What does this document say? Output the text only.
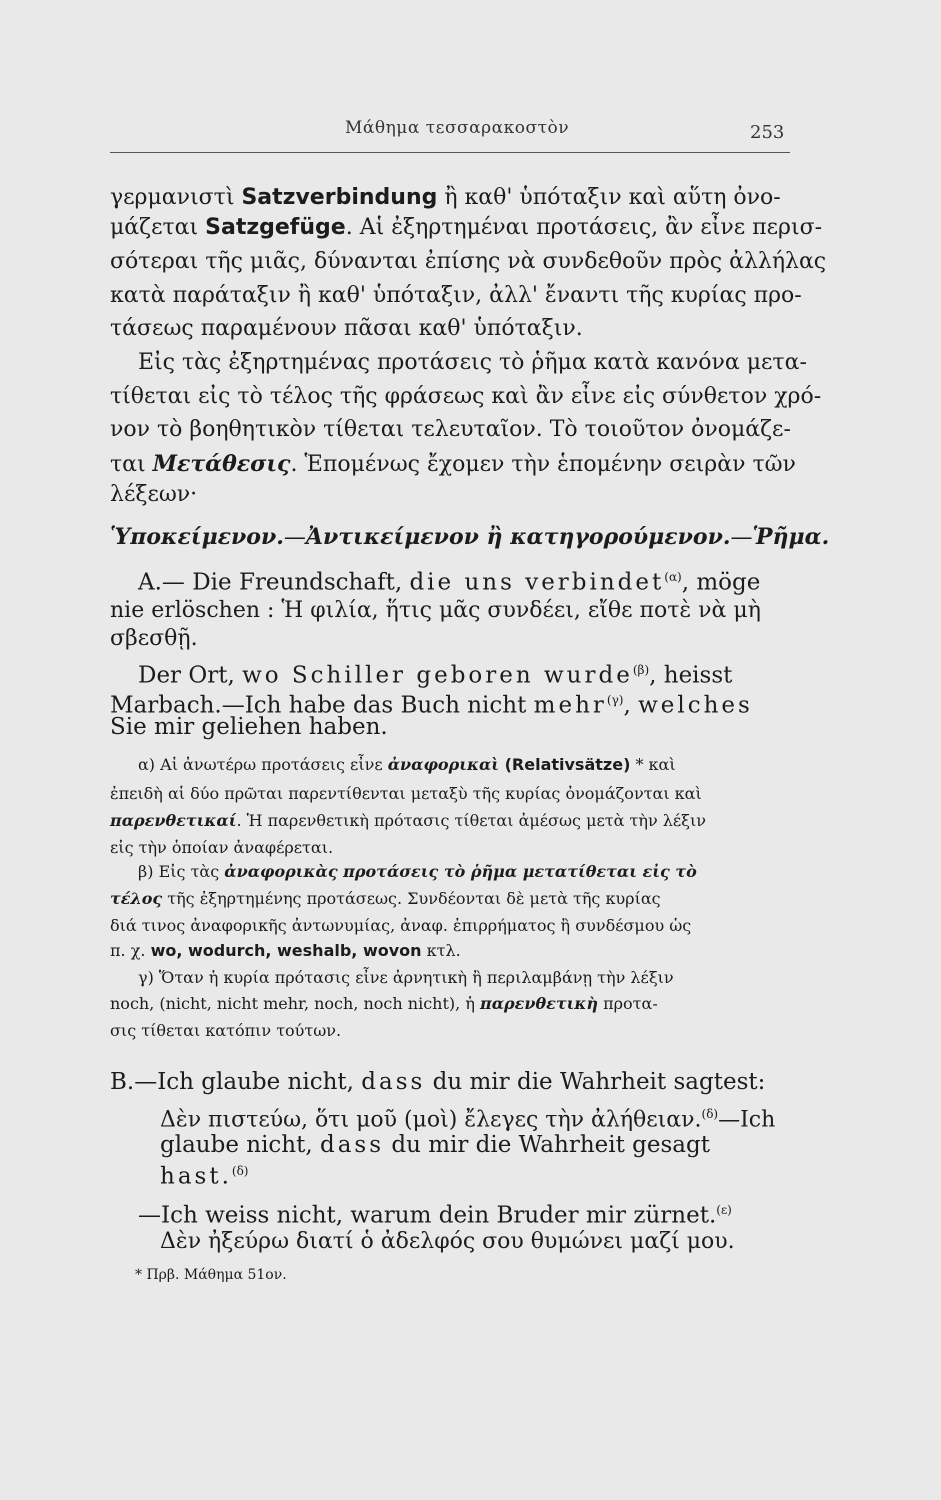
Μάθημα τεσσαρακοστὸν	253
γερμανιστὶ Satzverbindung ἢ καθ' ὑπόταξιν καὶ αὕτη ὀνο-
μάζεται Satzgefüge. Αἱ ἐξηρτημέναι προτάσεις, ἂν εἶνε περισ-
σότεραι τῆς μιᾶς, δύνανται ἐπίσης νὰ συνδεθοῦν πρὸς ἀλλήλας
κατὰ παράταξιν ἢ καθ' ὑπόταξιν, ἀλλ' ἔναντι τῆς κυρίας προ-
τάσεως παραμένουν πᾶσαι καθ' ὑπόταξιν.
Εἰς τὰς ἐξηρτημένας προτάσεις τὸ ῥῆμα κατὰ κανόνα μετα-
τίθεται εἰς τὸ τέλος τῆς φράσεως καὶ ἂν εἶνε εἰς σύνθετον χρό-
νον τὸ βοηθητικὸν τίθεται τελευταῖον. Τὸ τοιοῦτον ὀνομάζε-
ται Μετάθεσις. Ἑπομένως ἔχομεν τὴν ἑπομένην σειρὰν τῶν
λέξεων·
Ὑποκείμενον.—Ἀντικείμενον ἢ κατηγορούμενον.—Ῥῆμα.
A.— Die Freundschaft, die uns verbindet$^{(\alpha)}$, möge
nie erlöschen : Ἡ φιλία, ἥτις μᾶς συνδέει, εἴθε ποτὲ νὰ μὴ
σβεσθῇ.
Der Ort, wo Schiller geboren wurde$^{(\beta)}$, heisst
Marbach.—Ich habe das Buch nicht mehr$^{(\gamma)}$, welches
Sie mir geliehen haben.
α) Αἱ ἀνωτέρω προτάσεις εἶνε ἀναφορικαὶ (Relativsätze) * καὶ
ἐπειδὴ αἱ δύο πρῶται παρεντίθενται μεταξὺ τῆς κυρίας ὀνομάζονται καὶ
παρενθετικαί. Ἡ παρενθετικὴ πρότασις τίθεται ἀμέσως μετὰ τὴν λέξιν
εἰς τὴν ὁποίαν ἀναφέρεται.
β) Εἰς τὰς ἀναφορικὰς προτάσεις τὸ ῥῆμα μετατίθεται εἰς τὸ
τέλος τῆς ἐξηρτημένης προτάσεως. Συνδέονται δὲ μετὰ τῆς κυρίας
διά τινος ἀναφορικῆς ἀντωνυμίας, ἀναφ. ἐπιρρήματος ἢ συνδέσμου ὡς
π. χ. wo, wodurch, weshalb, wovon κτλ.
γ) Ὅταν ἡ κυρία πρότασις εἶνε ἀρνητικὴ ἢ περιλαμβάνῃ τὴν λέξιν
noch, (nicht, nicht mehr, noch, noch nicht), ἡ παρενθετικὴ προτα-
σις τίθεται κατόπιν τούτων.
B.—Ich glaube nicht, dass du mir die Wahrheit sagtest:
Δὲν πιστεύω, ὅτι μοῦ (μοὶ) ἔλεγες τὴν ἀλήθειαν.$^{(\delta)}$—Ich
glaube nicht, dass du mir die Wahrheit gesagt
hast.$^{(\delta)}$
—Ich weiss nicht, warum dein Bruder mir zürnet.$^{(\varepsilon)}$
Δὲν ἠξεύρω διατί ὁ ἀδελφός σου θυμώνει μαζί μου.
* Πρβ. Μάθημα 51ον.
